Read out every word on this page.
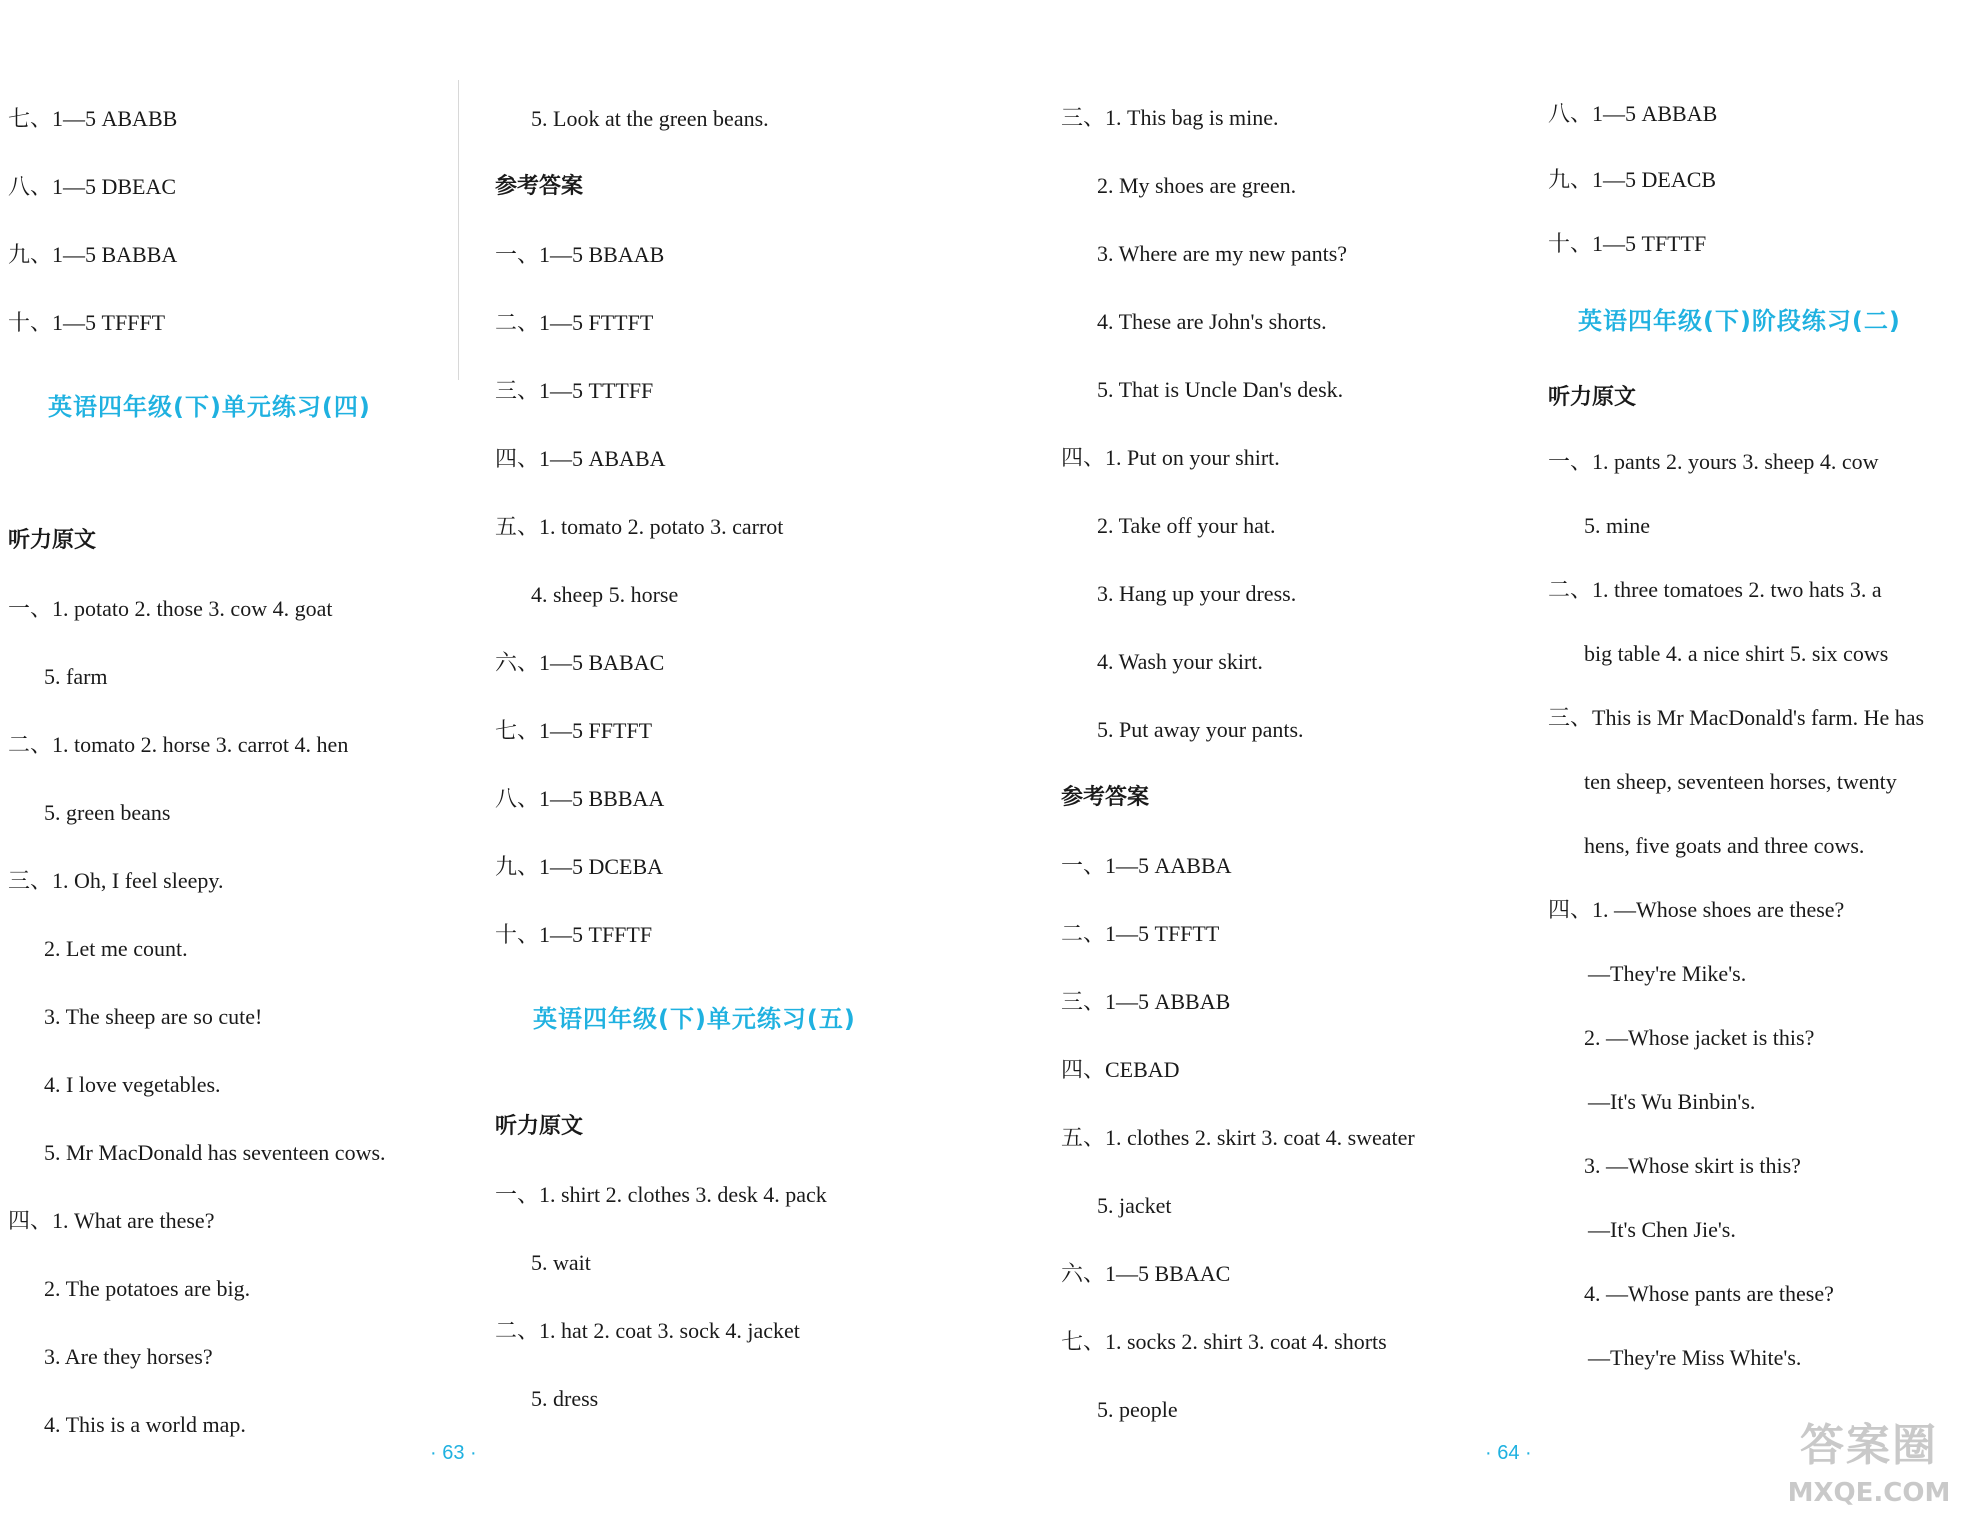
七、1—5 ABABB
八、1—5 DBEAC
九、1—5 BABBA
十、1—5 TFFFT
英语四年级(下)单元练习(四)
听力原文
一、1. potato 2. those 3. cow 4. goat
5. farm
二、1. tomato 2. horse 3. carrot 4. hen
5. green beans
三、1. Oh, I feel sleepy.
2. Let me count.
3. The sheep are so cute!
4. I love vegetables.
5. Mr MacDonald has seventeen cows.
四、1. What are these?
2. The potatoes are big.
3. Are they horses?
4. This is a world map.
5. Look at the green beans.
参考答案
一、1—5 BBAAB
二、1—5 FTTFT
三、1—5 TTTFF
四、1—5 ABABA
五、1. tomato 2. potato 3. carrot
4. sheep 5. horse
六、1—5 BABAC
七、1—5 FFTFT
八、1—5 BBBAA
九、1—5 DCEBA
十、1—5 TFFTF
英语四年级(下)单元练习(五)
听力原文
一、1. shirt 2. clothes 3. desk 4. pack
5. wait
二、1. hat 2. coat 3. sock 4. jacket
5. dress
· 63 ·
三、1. This bag is mine.
2. My shoes are green.
3. Where are my new pants?
4. These are John's shorts.
5. That is Uncle Dan's desk.
四、1. Put on your shirt.
2. Take off your hat.
3. Hang up your dress.
4. Wash your skirt.
5. Put away your pants.
参考答案
一、1—5 AABBA
二、1—5 TFFTT
三、1—5 ABBAB
四、CEBAD
五、1. clothes 2. skirt 3. coat 4. sweater
5. jacket
六、1—5 BBAAC
七、1. socks 2. shirt 3. coat 4. shorts
5. people
八、1—5 ABBAB
九、1—5 DEACB
十、1—5 TFTTF
英语四年级(下)阶段练习(二)
听力原文
一、1. pants 2. yours 3. sheep 4. cow
5. mine
二、1. three tomatoes 2. two hats 3. a
big table 4. a nice shirt 5. six cows
三、This is Mr MacDonald's farm. He has
ten sheep, seventeen horses, twenty
hens, five goats and three cows.
四、1. —Whose shoes are these?
—They're Mike's.
2. —Whose jacket is this?
—It's Wu Binbin's.
3. —Whose skirt is this?
—It's Chen Jie's.
4. —Whose pants are these?
—They're Miss White's.
· 64 ·	答案圈
MXQE.COM
